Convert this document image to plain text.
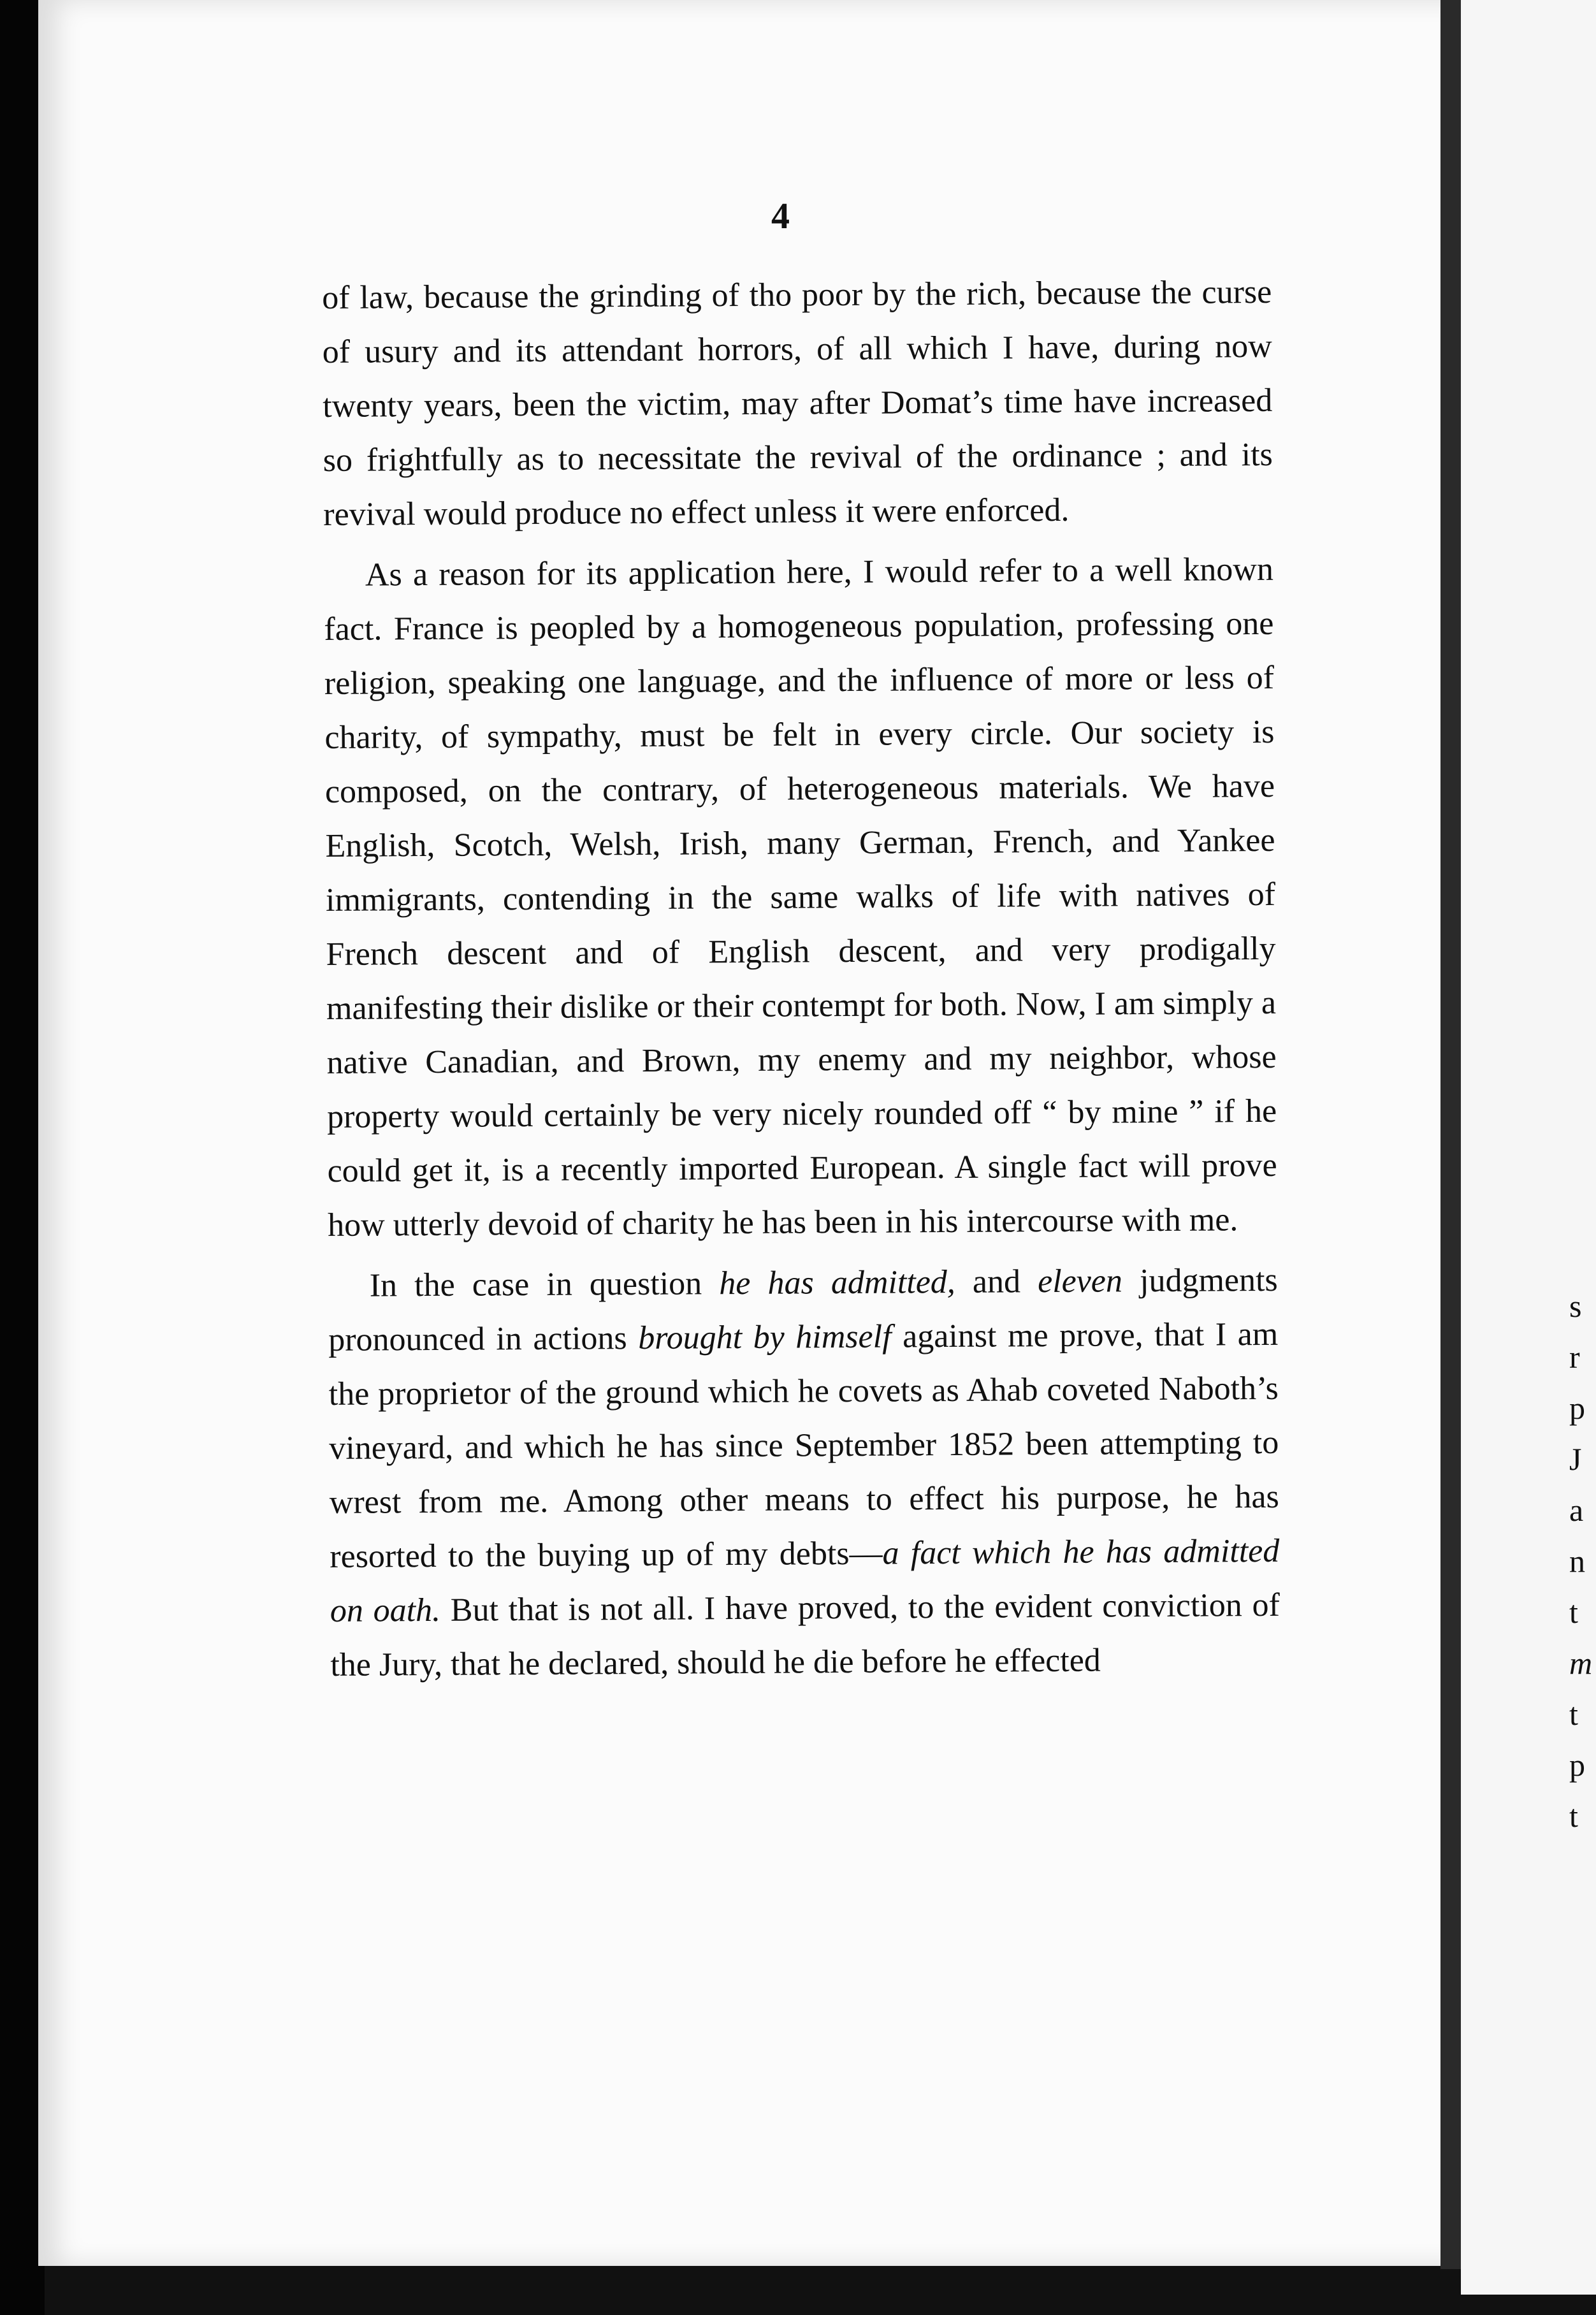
4

of law, because the grinding of tho poor by the rich, because the curse of usury and its attendant horrors, of all which I have, during now twenty years, been the victim, may after Domat’s time have increased so frightfully as to necessitate the revival of the ordinance ; and its revival would produce no effect unless it were enforced.

As a reason for its application here, I would refer to a well known fact. France is peopled by a homogeneous population, professing one religion, speaking one language, and the influence of more or less of charity, of sympathy, must be felt in every circle. Our society is composed, on the contrary, of heterogeneous materials. We have English, Scotch, Welsh, Irish, many German, French, and Yankee immigrants, contending in the same walks of life with natives of French descent and of English descent, and very prodigally manifesting their dislike or their contempt for both. Now, I am simply a native Canadian, and Brown, my enemy and my neighbor, whose property would certainly be very nicely rounded off “ by mine ” if he could get it, is a recently imported European. A single fact will prove how utterly devoid of charity he has been in his intercourse with me.

In the case in question he has admitted, and eleven judgments pronounced in actions brought by himself against me prove, that I am the proprietor of the ground which he covets as Ahab coveted Naboth’s vineyard, and which he has since September 1852 been attempting to wrest from me. Among other means to effect his purpose, he has resorted to the buying up of my debts—a fact which he has admitted on oath. But that is not all. I have proved, to the evident conviction of the Jury, that he declared, should he die before he effected

s
r
p
J
a
n
t
m
t
p
t
